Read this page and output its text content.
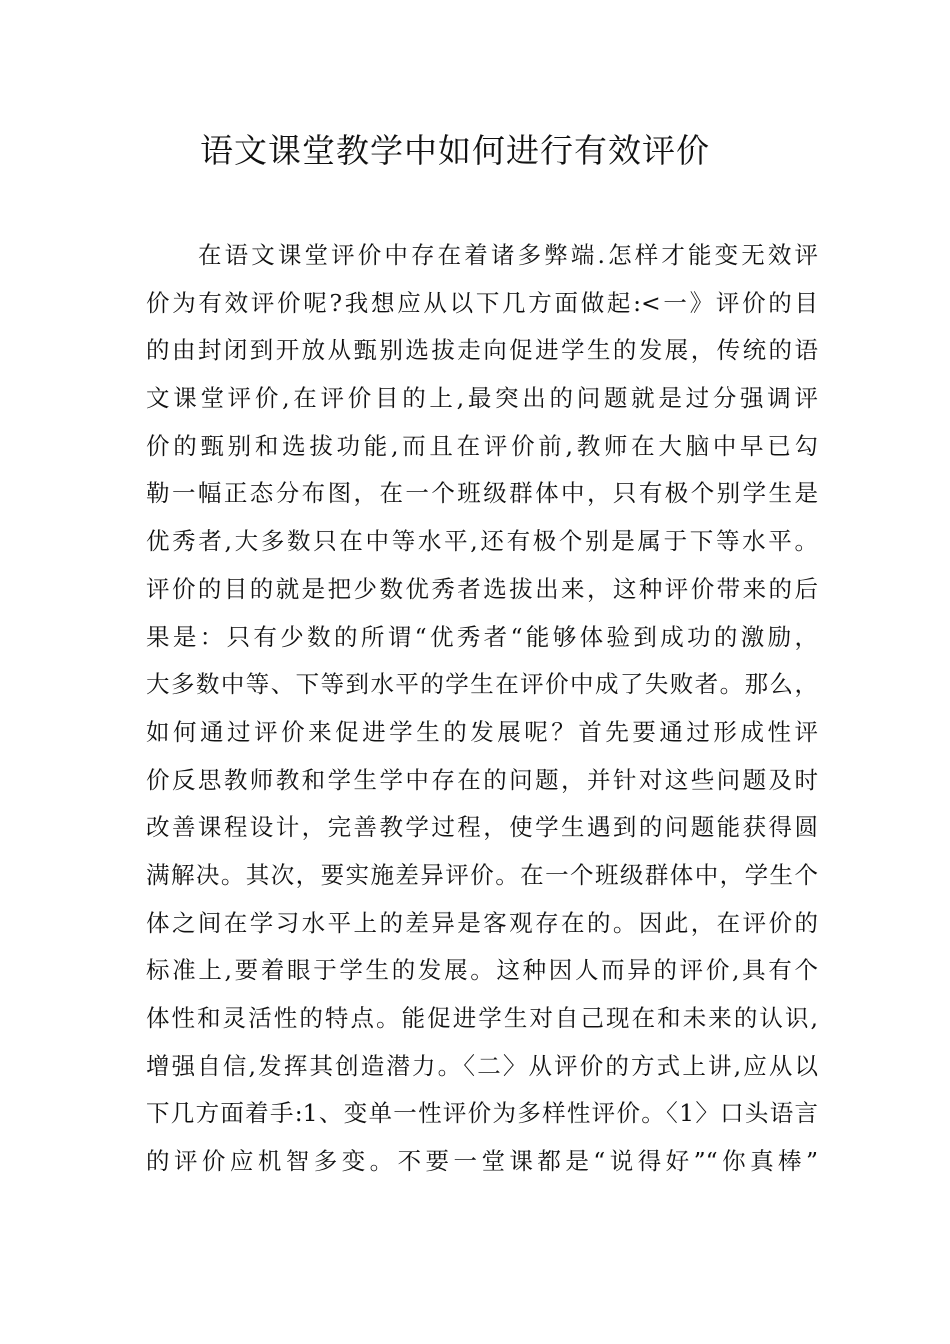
语文课堂教学中如何进行有效评价
在语文课堂评价中存在着诸多弊端.怎样才能变无效评
价为有效评价呢?我想应从以下几方面做起:<一》评价的目
的由封闭到开放从甄别选拔走向促进学生的发展，传统的语
文课堂评价,在评价目的上,最突出的问题就是过分强调评
价的甄别和选拔功能,而且在评价前,教师在大脑中早已勾
勒一幅正态分布图，在一个班级群体中，只有极个别学生是
优秀者,大多数只在中等水平,还有极个别是属于下等水平。
评价的目的就是把少数优秀者选拔出来，这种评价带来的后
果是：只有少数的所谓“优秀者“能够体验到成功的激励，
大多数中等、下等到水平的学生在评价中成了失败者。那么，
如何通过评价来促进学生的发展呢？首先要通过形成性评
价反思教师教和学生学中存在的问题，并针对这些问题及时
改善课程设计，完善教学过程，使学生遇到的问题能获得圆
满解决。其次，要实施差异评价。在一个班级群体中，学生个
体之间在学习水平上的差异是客观存在的。因此，在评价的
标准上,要着眼于学生的发展。这种因人而异的评价,具有个
体性和灵活性的特点。能促进学生对自己现在和未来的认识,
增强自信,发挥其创造潜力。〈二〉从评价的方式上讲,应从以
下几方面着手:1、变单一性评价为多样性评价。〈1〉口头语言
的评价应机智多变。不要一堂课都是“说得好”“你真棒”
